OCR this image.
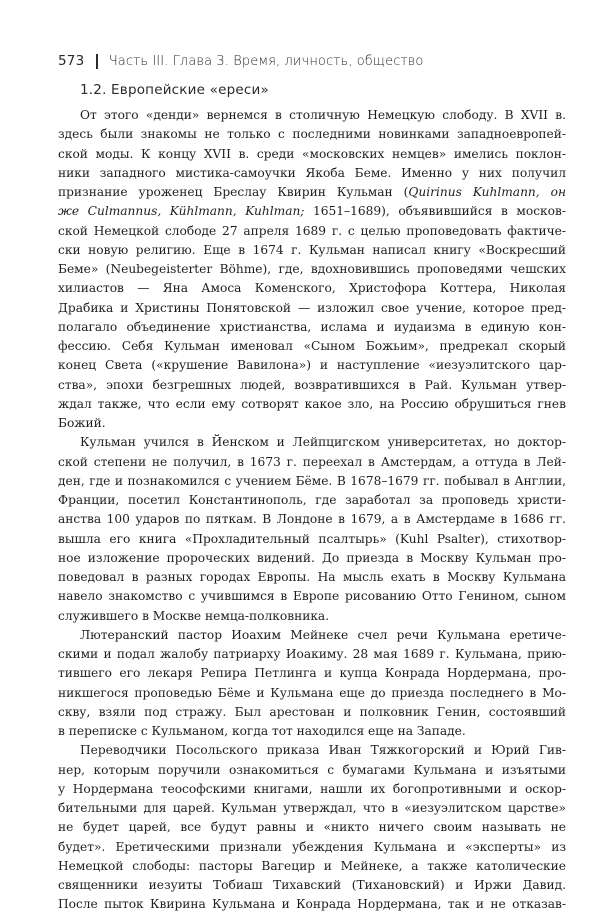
573 Часть III. Глава 3. Время, личность, общество
1.2. Европейские «ереси»
От этого «денди» вернемся в столичную Немецкую слободу. В XVII в.
здесь были знакомы не только с последними новинками западноевропей-
ской моды. К концу XVII в. среди «московских немцев» имелись поклон-
ники западного мистика-самоучки Якоба Беме. Именно у них получил
признание уроженец Бреслау Квирин Кульман (Quirinus Kuhlmann, он
же Culmannus, Kühlmann, Kuhlman; 1651–1689), объявившийся в москов-
ской Немецкой слободе 27 апреля 1689 г. с целью проповедовать фактиче-
ски новую религию. Еще в 1674 г. Кульман написал книгу «Воскресший
Беме» (Neubegeisterter Böhme), где, вдохновившись проповедями чешских
хилиастов — Яна Амоса Коменского, Христофора Коттера, Николая
Драбика и Христины Понятовской — изложил свое учение, которое пред-
полагало объединение христианства, ислама и иудаизма в единую кон-
фессию. Себя Кульман именовал «Сыном Божьим», предрекал скорый
конец Света («крушение Вавилона») и наступление «иезуэлитского цар-
ства», эпохи безгрешных людей, возвратившихся в Рай. Кульман утвер-
ждал также, что если ему сотворят какое зло, на Россию обрушиться гнев
Божий.
Кульман учился в Йенском и Лейпцигском университетах, но доктор-
ской степени не получил, в 1673 г. переехал в Амстердам, а оттуда в Лей-
ден, где и познакомился с учением Бёме. В 1678–1679 гг. побывал в Англии,
Франции, посетил Константинополь, где заработал за проповедь христи-
анства 100 ударов по пяткам. В Лондоне в 1679, а в Амстердаме в 1686 гг.
вышла его книга «Прохладительный псалтырь» (Kuhl Psalter), стихотвор-
ное изложение пророческих видений. До приезда в Москву Кульман про-
поведовал в разных городах Европы. На мысль ехать в Москву Кульмана
навело знакомство с учившимся в Европе рисованию Отто Генином, сыном
служившего в Москве немца-полковника.
Лютеранский пастор Иоахим Мейнеке счел речи Кульмана еретиче-
скими и подал жалобу патриарху Иоакиму. 28 мая 1689 г. Кульмана, прию-
тившего его лекаря Репира Петлинга и купца Конрада Нордермана, про-
никшегося проповедью Бёме и Кульмана еще до приезда последнего в Мо-
скву, взяли под стражу. Был арестован и полковник Генин, состоявший
в переписке с Кульманом, когда тот находился еще на Западе.
Переводчики Посольского приказа Иван Тяжкогорский и Юрий Гив-
нер, которым поручили ознакомиться с бумагами Кульмана и изъятыми
у Нордермана теософскими книгами, нашли их богопротивными и оскор-
бительными для царей. Кульман утверждал, что в «иезуэлитском царстве»
не будет царей, все будут равны и «никто ничего своим называть не
будет». Еретическими признали убеждения Кульмана и «эксперты» из
Немецкой слободы: пасторы Вагецир и Мейнеке, а также католические
священники иезуиты Тобиаш Тихавский (Тихановский) и Иржи Давид.
После пыток Квирина Кульмана и Конрада Нордермана, так и не отказав-
